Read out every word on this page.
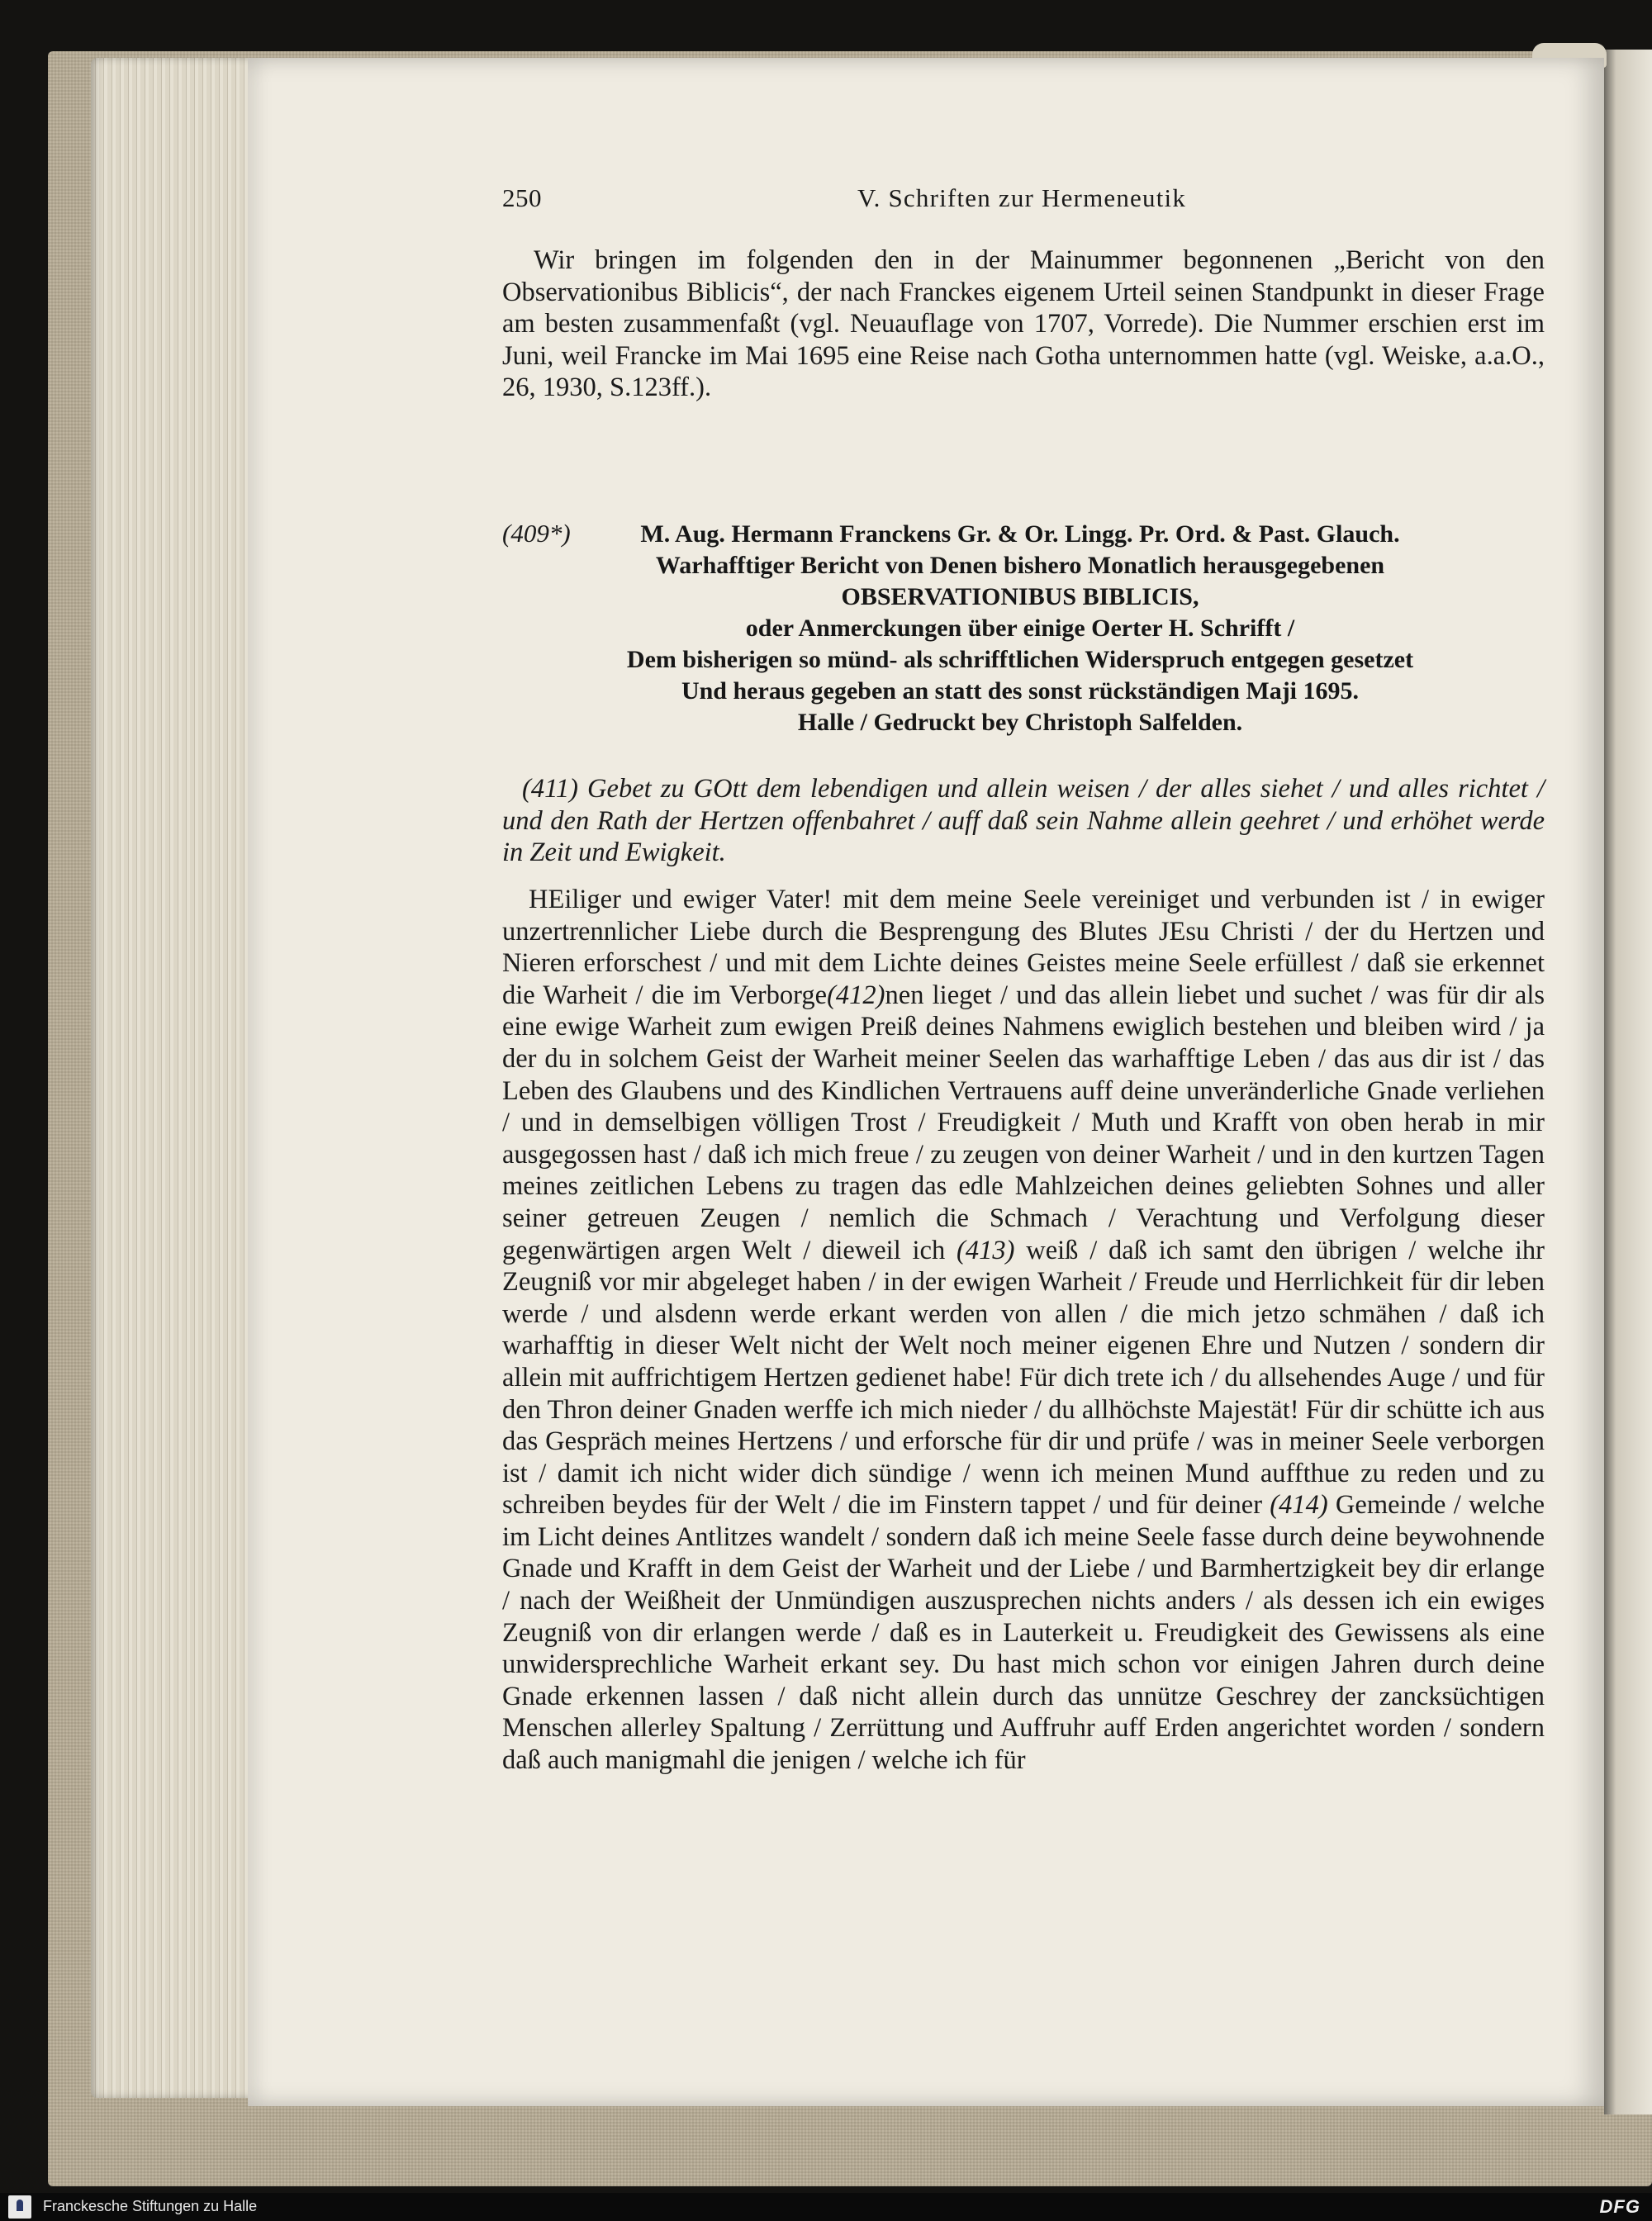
250	V. Schriften zur Hermeneutik

Wir bringen im folgenden den in der Mainummer begonnenen „Bericht von den Observationibus Biblicis“, der nach Franckes eigenem Urteil seinen Standpunkt in dieser Frage am besten zusammenfaßt (vgl. Neuauflage von 1707, Vorrede). Die Nummer erschien erst im Juni, weil Francke im Mai 1695 eine Reise nach Gotha unternommen hatte (vgl. Weiske, a.a.O., 26, 1930, S.123ff.).

(409*)	M. Aug. Hermann Franckens Gr. & Or. Lingg. Pr. Ord. & Past. Glauch.
Warhafftiger Bericht von Denen bishero Monatlich herausgegebenen
OBSERVATIONIBUS BIBLICIS,
oder Anmerckungen über einige Oerter H. Schrifft /
Dem bisherigen so münd- als schrifftlichen Widerspruch entgegen gesetzet
Und heraus gegeben an statt des sonst rückständigen Maji 1695.
Halle / Gedruckt bey Christoph Salfelden.

(411) Gebet zu GOtt dem lebendigen und allein weisen / der alles siehet / und alles richtet / und den Rath der Hertzen offenbahret / auff daß sein Nahme allein geehret / und erhöhet werde in Zeit und Ewigkeit.

HEiliger und ewiger Vater! mit dem meine Seele vereiniget und verbunden ist / in ewiger unzertrennlicher Liebe durch die Besprengung des Blutes JEsu Christi / der du Hertzen und Nieren erforschest / und mit dem Lichte deines Geistes meine Seele erfüllest / daß sie erkennet die Warheit / die im Verborge(412)nen lieget / und das allein liebet und suchet / was für dir als eine ewige Warheit zum ewigen Preiß deines Nahmens ewiglich bestehen und bleiben wird / ja der du in solchem Geist der Warheit meiner Seelen das warhafftige Leben / das aus dir ist / das Leben des Glaubens und des Kindlichen Vertrauens auff deine unveränderliche Gnade verliehen / und in demselbigen völligen Trost / Freudigkeit / Muth und Krafft von oben herab in mir ausgegossen hast / daß ich mich freue / zu zeugen von deiner Warheit / und in den kurtzen Tagen meines zeitlichen Lebens zu tragen das edle Mahlzeichen deines geliebten Sohnes und aller seiner getreuen Zeugen / nemlich die Schmach / Verachtung und Verfolgung dieser gegenwärtigen argen Welt / dieweil ich (413) weiß / daß ich samt den übrigen / welche ihr Zeugniß vor mir abgeleget haben / in der ewigen Warheit / Freude und Herrlichkeit für dir leben werde / und alsdenn werde erkant werden von allen / die mich jetzo schmähen / daß ich warhafftig in dieser Welt nicht der Welt noch meiner eigenen Ehre und Nutzen / sondern dir allein mit auffrichtigem Hertzen gedienet habe! Für dich trete ich / du allsehendes Auge / und für den Thron deiner Gnaden werffe ich mich nieder / du allhöchste Majestät! Für dir schütte ich aus das Gespräch meines Hertzens / und erforsche für dir und prüfe / was in meiner Seele verborgen ist / damit ich nicht wider dich sündige / wenn ich meinen Mund auffthue zu reden und zu schreiben beydes für der Welt / die im Finstern tappet / und für deiner (414) Gemeinde / welche im Licht deines Antlitzes wandelt / sondern daß ich meine Seele fasse durch deine beywohnende Gnade und Krafft in dem Geist der Warheit und der Liebe / und Barmhertzigkeit bey dir erlange / nach der Weißheit der Unmündigen auszusprechen nichts anders / als dessen ich ein ewiges Zeugniß von dir erlangen werde / daß es in Lauterkeit u. Freudigkeit des Gewissens als eine unwidersprechliche Warheit erkant sey. Du hast mich schon vor einigen Jahren durch deine Gnade erkennen lassen / daß nicht allein durch das unnütze Geschrey der zancksüchtigen Menschen allerley Spaltung / Zerrüttung und Auffruhr auff Erden angerichtet worden / sondern daß auch manigmahl die jenigen / welche ich für

Franckesche Stiftungen zu Halle	DFG
